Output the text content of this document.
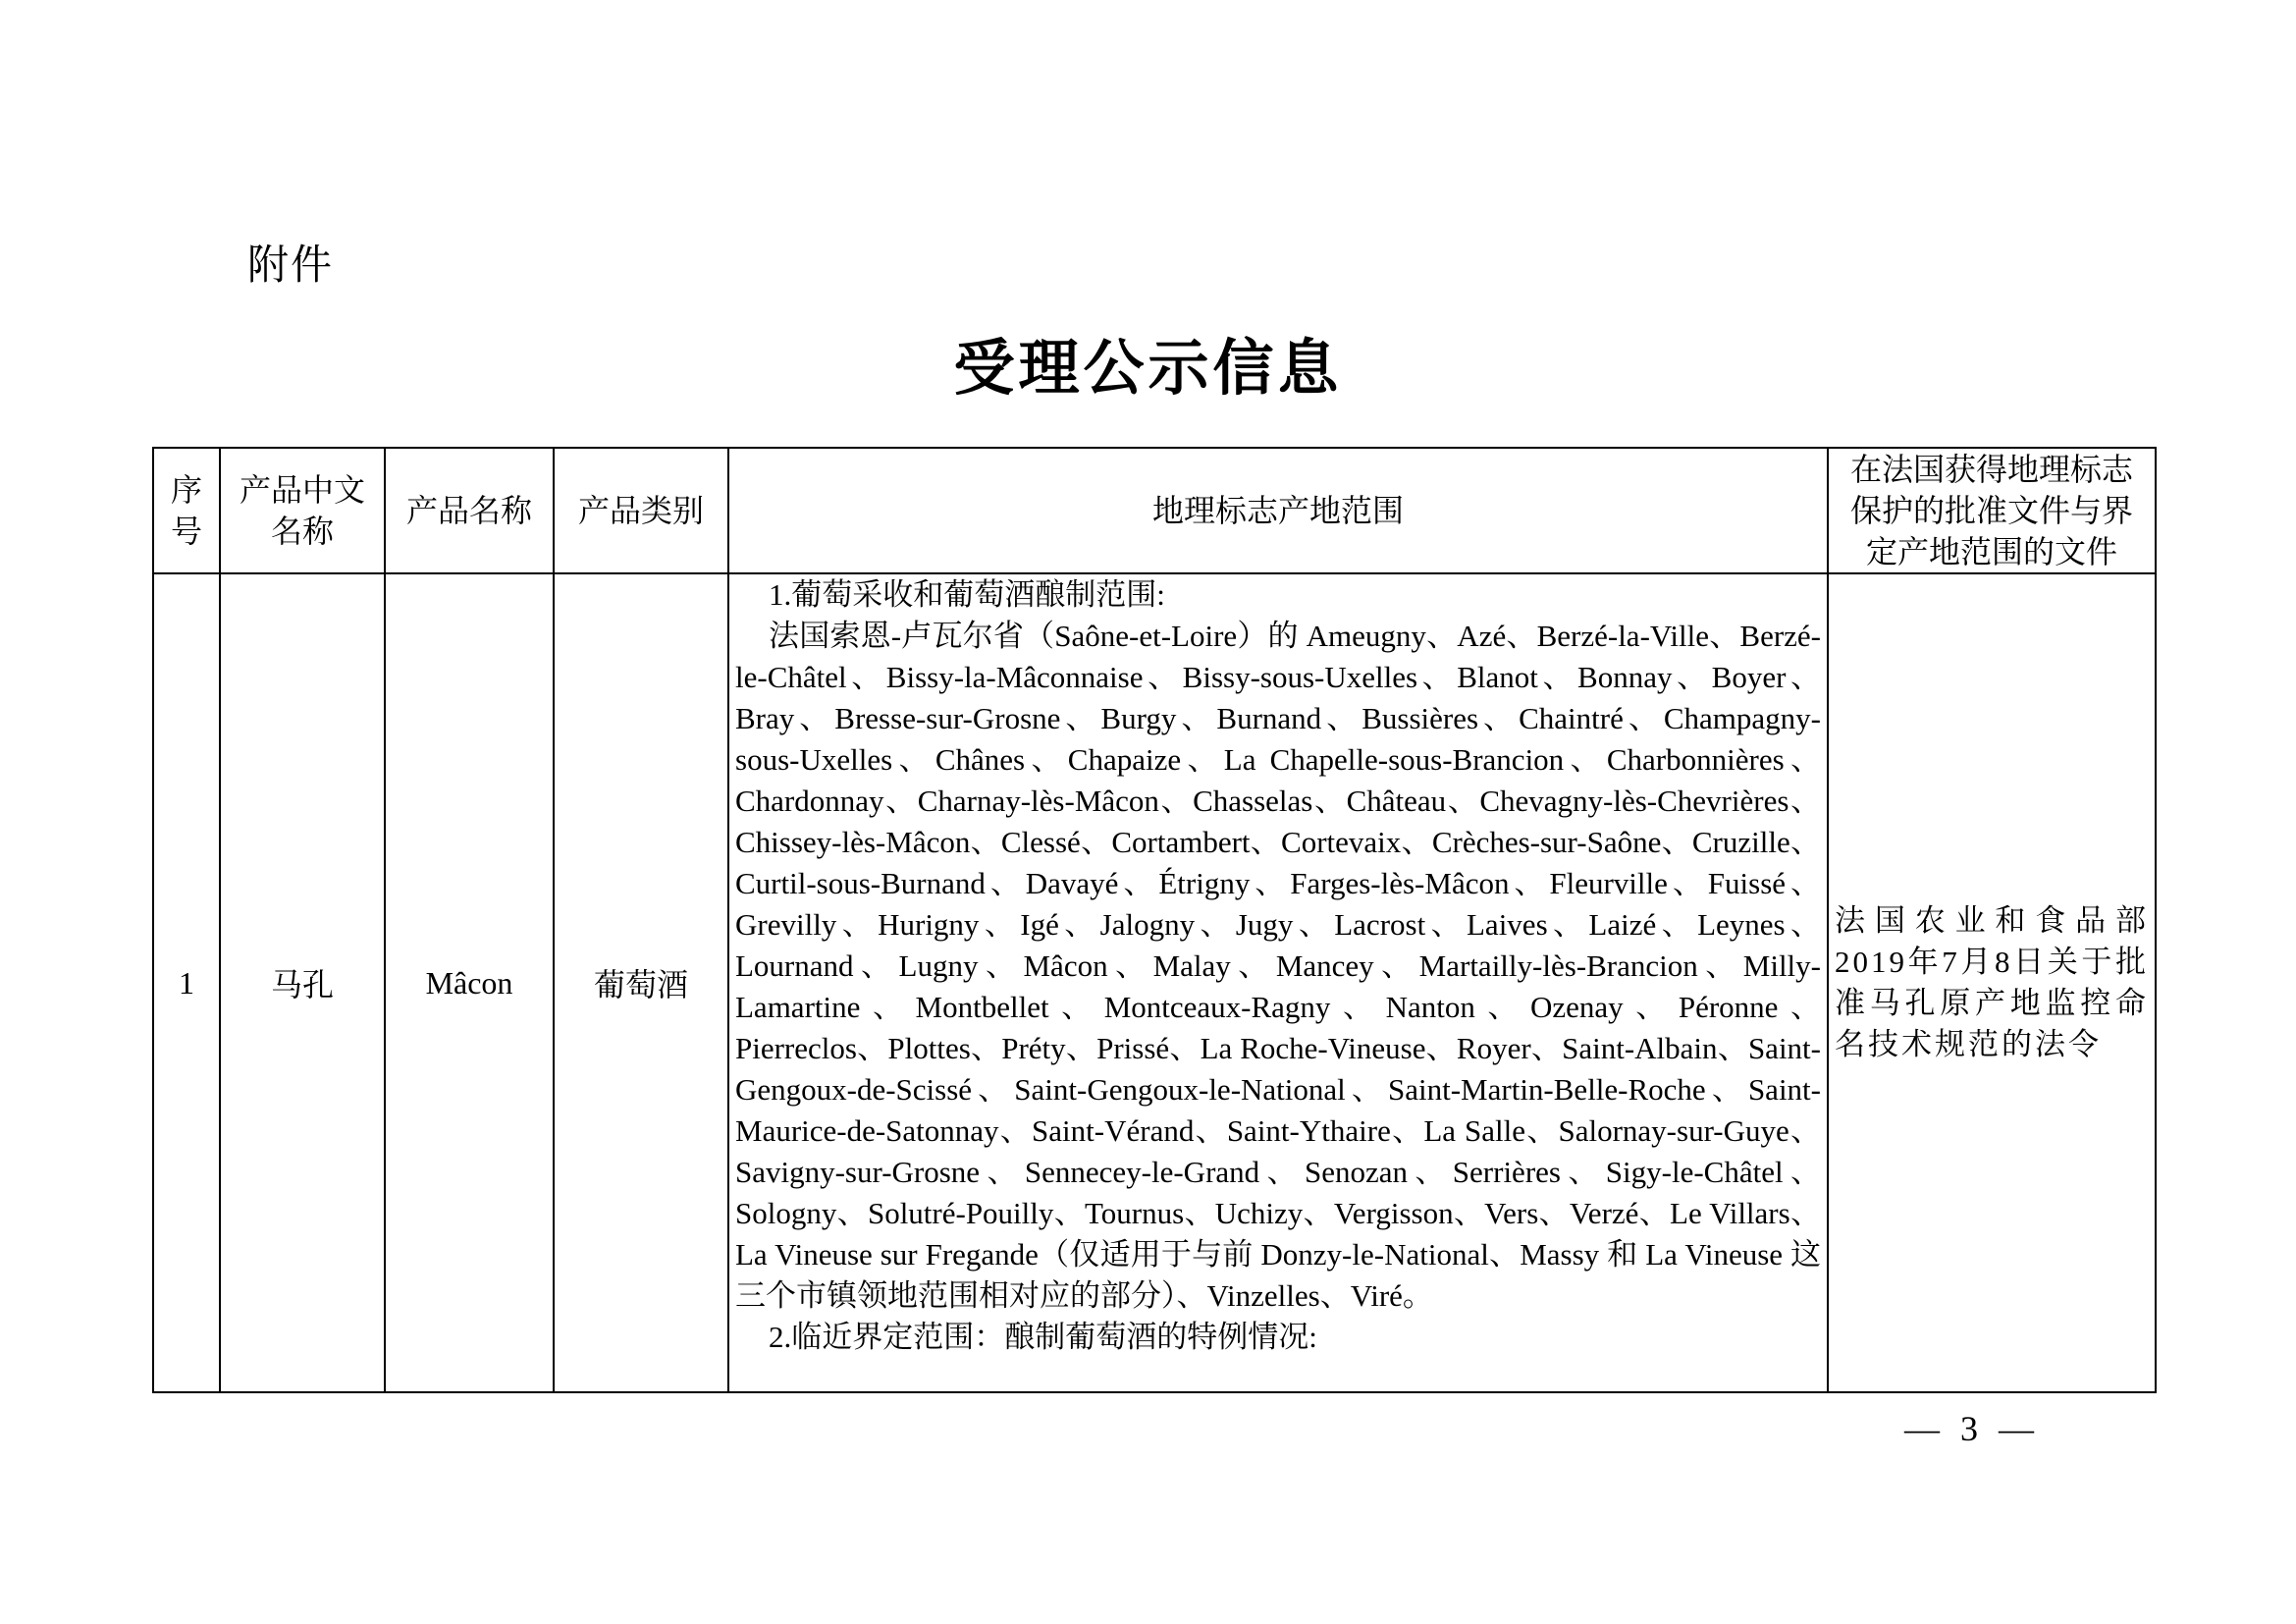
附件
受理公示信息
序号	产品中文名称	产品名称	产品类别	地理标志产地范围	在法国获得地理标志保护的批准文件与界定产地范围的文件

1	马孔	Mâcon	葡萄酒	1.葡萄采收和葡萄酒酿制范围:

法国索恩-卢瓦尔省（Saône-et-Loire）的 Ameugny、Azé、Berzé-la-Ville、Berzé-le-Châtel、Bissy-la-Mâconnaise、Bissy-sous-Uxelles、Blanot、Bonnay、Boyer、Bray、Bresse-sur-Grosne、Burgy、Burnand、Bussières、Chaintré、Champagny-sous-Uxelles、Chânes、Chapaize、La Chapelle-sous-Brancion、Charbonnières、Chardonnay、Charnay-lès-Mâcon、Chasselas、Château、Chevagny-lès-Chevrières、Chissey-lès-Mâcon、Clessé、Cortambert、Cortevaix、Crèches-sur-Saône、Cruzille、Curtil-sous-Burnand、Davayé、Étrigny、Farges-lès-Mâcon、Fleurville、Fuissé、Grevilly、Hurigny、Igé、Jalogny、Jugy、Lacrost、Laives、Laizé、Leynes、Lournand、Lugny、Mâcon、Malay、Mancey、Martailly-lès-Brancion、Milly-Lamartine、Montbellet、Montceaux-Ragny、Nanton、Ozenay、Péronne、Pierreclos、Plottes、Préty、Prissé、La Roche-Vineuse、Royer、Saint-Albain、Saint-Gengoux-de-Scissé、Saint-Gengoux-le-National、Saint-Martin-Belle-Roche、Saint-Maurice-de-Satonnay、Saint-Vérand、Saint-Ythaire、La Salle、Salornay-sur-Guye、Savigny-sur-Grosne、Sennecey-le-Grand、Senozan、Serrières、Sigy-le-Châtel、Sologny、Solutré-Pouilly、Tournus、Uchizy、Vergisson、Vers、Verzé、Le Villars、La Vineuse sur Fregande（仅适用于与前 Donzy-le-National、Massy 和 La Vineuse 这三个市镇领地范围相对应的部分）、Vinzelles、Viré。

2.临近界定范围：酿制葡萄酒的特例情况:	法国农业和食品部2019年7月8日关于批准马孔原产地监控命名技术规范的法令
— 3 —
